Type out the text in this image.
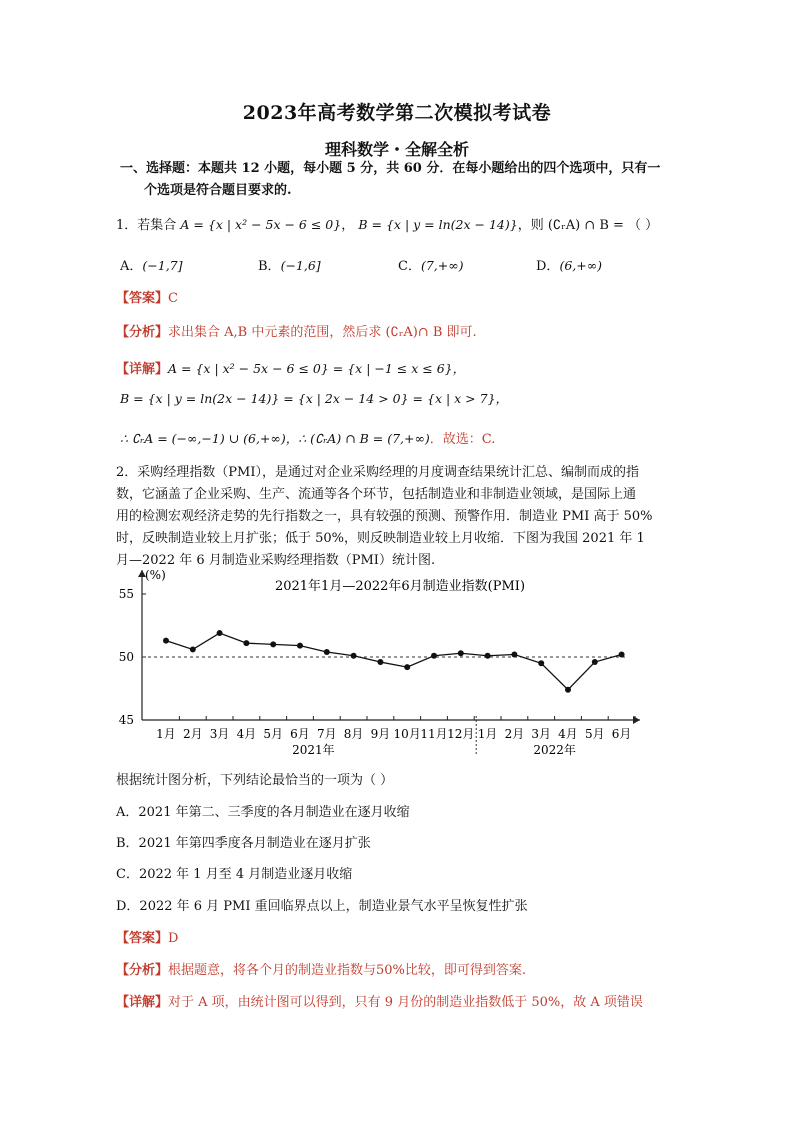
2023年高考数学第二次模拟考试卷
理科数学・全解全析
一、选择题：本题共 12 小题，每小题 5 分，共 60 分．在每小题给出的四个选项中，只有一
个选项是符合题目要求的.
1．若集合 A = {x | x² − 5x − 6 ≤ 0}， B = {x | y = ln(2x − 14)}，则 (∁ᵣA) ∩ B = （ ）
A．(−1,7]	B．(−1,6]	C．(7,+∞)	D．(6,+∞)
【答案】C
【分析】求出集合 A,B 中元素的范围，然后求 (∁ᵣA)∩ B 即可.
【详解】A = {x | x² − 5x − 6 ≤ 0} = {x | −1 ≤ x ≤ 6}，
B = {x | y = ln(2x − 14)} = {x | 2x − 14 > 0} = {x | x > 7}，
∴ ∁ᵣA = (−∞,−1) ∪ (6,+∞)，∴ (∁ᵣA) ∩ B = (7,+∞)．故选：C.
2．采购经理指数（PMI），是通过对企业采购经理的月度调查结果统计汇总、编制而成的指
数，它涵盖了企业采购、生产、流通等各个环节，包括制造业和非制造业领域，是国际上通
用的检测宏观经济走势的先行指数之一，具有较强的预测、预警作用．制造业 PMI 高于 50%
时，反映制造业较上月扩张；低于 50%，则反映制造业较上月收缩．下图为我国 2021 年 1
月—2022 年 6 月制造业采购经理指数（PMI）统计图.
(%)
2021年1月—2022年6月制造业指数(PMI)
45
50
55
1月 2月 3月 4月 5月 6月 7月 8月 9月 10月 11月 12月 1月 2月 3月 4月 5月 6月
2021年	2022年
根据统计图分析，下列结论最恰当的一项为（ ）
A．2021 年第二、三季度的各月制造业在逐月收缩
B．2021 年第四季度各月制造业在逐月扩张
C．2022 年 1 月至 4 月制造业逐月收缩
D．2022 年 6 月 PMI 重回临界点以上，制造业景气水平呈恢复性扩张
【答案】D
【分析】根据题意，将各个月的制造业指数与50%比较，即可得到答案.
【详解】对于 A 项，由统计图可以得到，只有 9 月份的制造业指数低于 50%，故 A 项错误
